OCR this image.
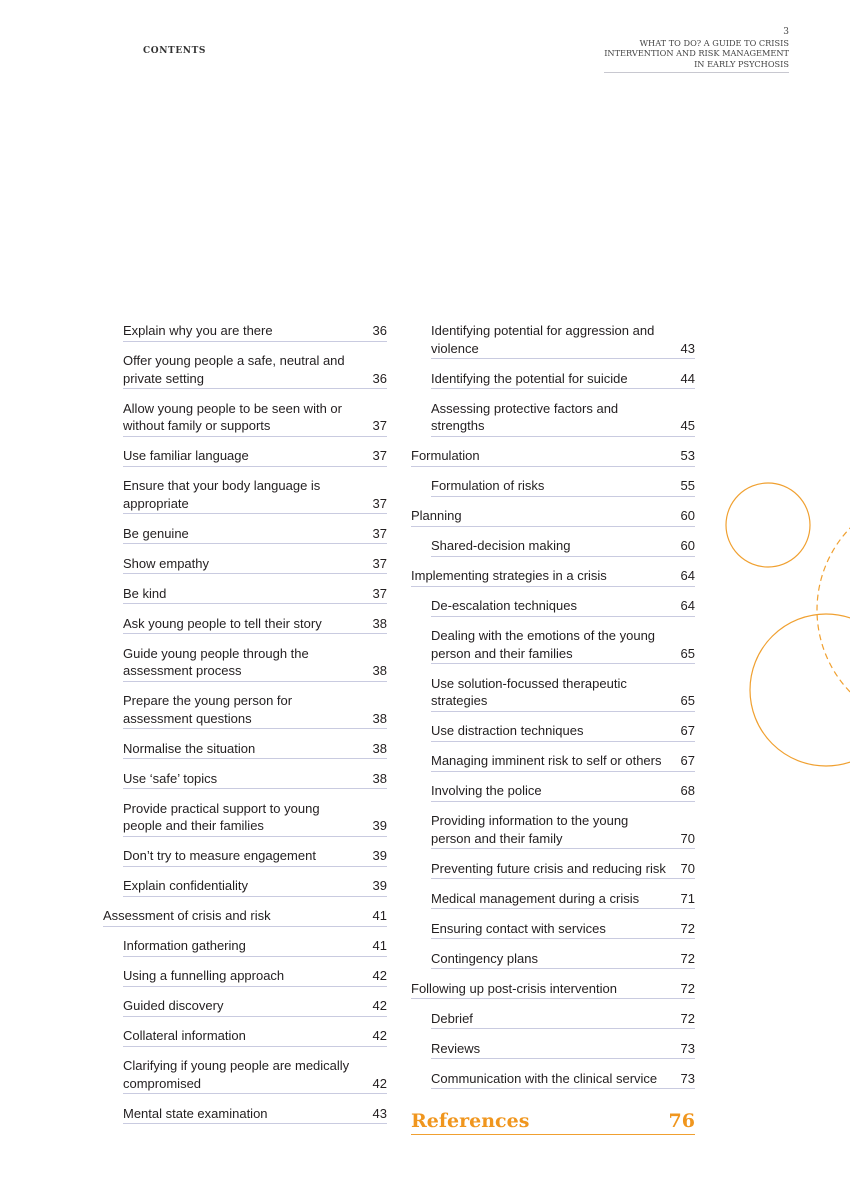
CONTENTS
3
WHAT TO DO? A GUIDE TO CRISIS
INTERVENTION AND RISK MANAGEMENT
IN EARLY PSYCHOSIS
Explain why you are there	36
Offer young people a safe, neutral and private setting	36
Allow young people to be seen with or without family or supports	37
Use familiar language	37
Ensure that your body language is appropriate	37
Be genuine	37
Show empathy	37
Be kind	37
Ask young people to tell their story	38
Guide young people through the assessment process	38
Prepare the young person for assessment questions	38
Normalise the situation	38
Use ‘safe’ topics	38
Provide practical support to young people and their families	39
Don’t try to measure engagement	39
Explain confidentiality	39
Assessment of crisis and risk	41
Information gathering	41
Using a funnelling approach	42
Guided discovery	42
Collateral information	42
Clarifying if young people are medically compromised	42
Mental state examination	43
Identifying potential for aggression and violence	43
Identifying the potential for suicide	44
Assessing protective factors and strengths	45
Formulation	53
Formulation of risks	55
Planning	60
Shared-decision making	60
Implementing strategies in a crisis	64
De-escalation techniques	64
Dealing with the emotions of the young person and their families	65
Use solution-focussed therapeutic strategies	65
Use distraction techniques	67
Managing imminent risk to self or others	67
Involving the police	68
Providing information to the young person and their family	70
Preventing future crisis and reducing risk	70
Medical management during a crisis	71
Ensuring contact with services	72
Contingency plans	72
Following up post-crisis intervention	72
Debrief	72
Reviews	73
Communication with the clinical service	73
References	76
